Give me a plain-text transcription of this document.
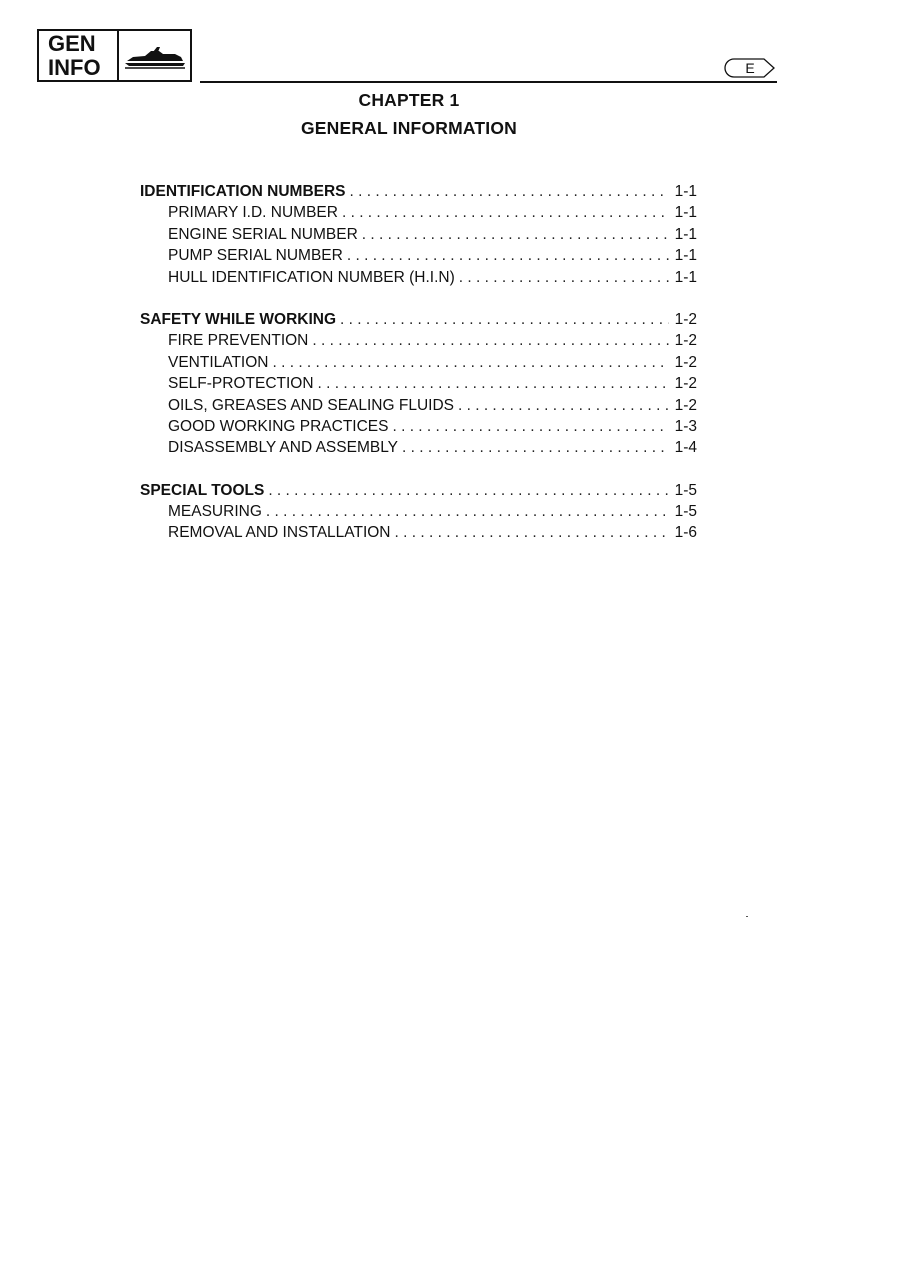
GEN
INFO	E
CHAPTER 1
GENERAL INFORMATION
IDENTIFICATION NUMBERS . . .	1-1
PRIMARY I.D. NUMBER . . .	1-1
ENGINE SERIAL NUMBER . . .	1-1
PUMP SERIAL NUMBER . . .	1-1
HULL IDENTIFICATION NUMBER (H.I.N) . . .	1-1
SAFETY WHILE WORKING . . .	1-2
FIRE PREVENTION . . .	1-2
VENTILATION . . .	1-2
SELF-PROTECTION . . .	1-2
OILS, GREASES AND SEALING FLUIDS . . .	1-2
GOOD WORKING PRACTICES . . .	1-3
DISASSEMBLY AND ASSEMBLY . . .	1-4
SPECIAL TOOLS . . .	1-5
MEASURING . . .	1-5
REMOVAL AND INSTALLATION . . .	1-6
